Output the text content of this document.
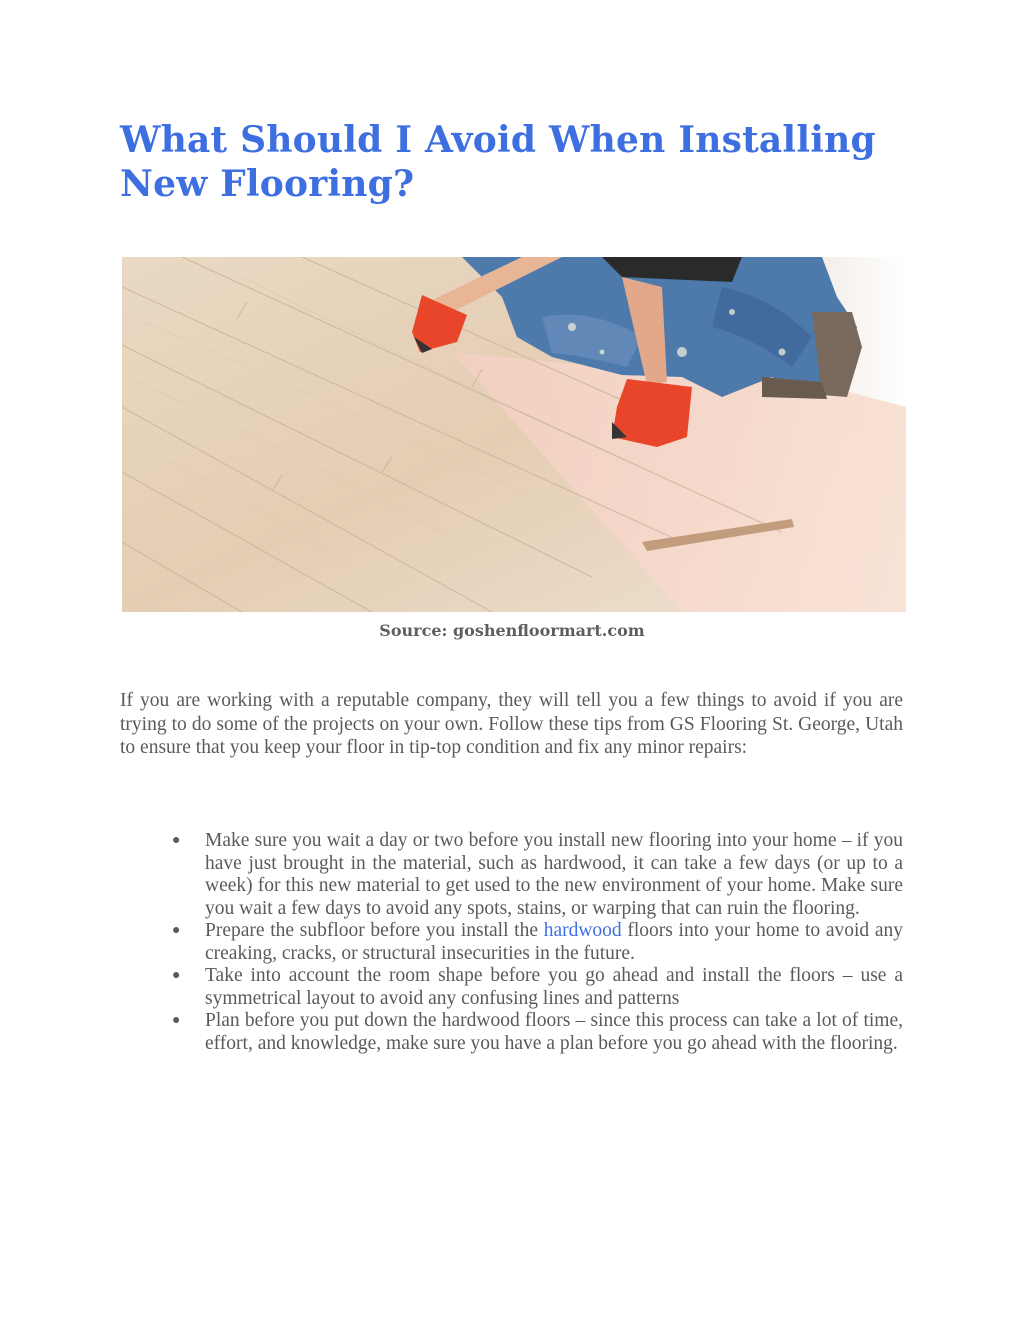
What Should I Avoid When Installing New Flooring?

Source: goshenfloormart.com

If you are working with a reputable company, they will tell you a few things to avoid if you are trying to do some of the projects on your own. Follow these tips from GS Flooring St. George, Utah to ensure that you keep your floor in tip-top condition and fix any minor repairs:

● Make sure you wait a day or two before you install new flooring into your home – if you have just brought in the material, such as hardwood, it can take a few days (or up to a week) for this new material to get used to the new environment of your home. Make sure you wait a few days to avoid any spots, stains, or warping that can ruin the flooring.
● Prepare the subfloor before you install the hardwood floors into your home to avoid any creaking, cracks, or structural insecurities in the future.
● Take into account the room shape before you go ahead and install the floors – use a symmetrical layout to avoid any confusing lines and patterns
● Plan before you put down the hardwood floors – since this process can take a lot of time, effort, and knowledge, make sure you have a plan before you go ahead with the flooring.
